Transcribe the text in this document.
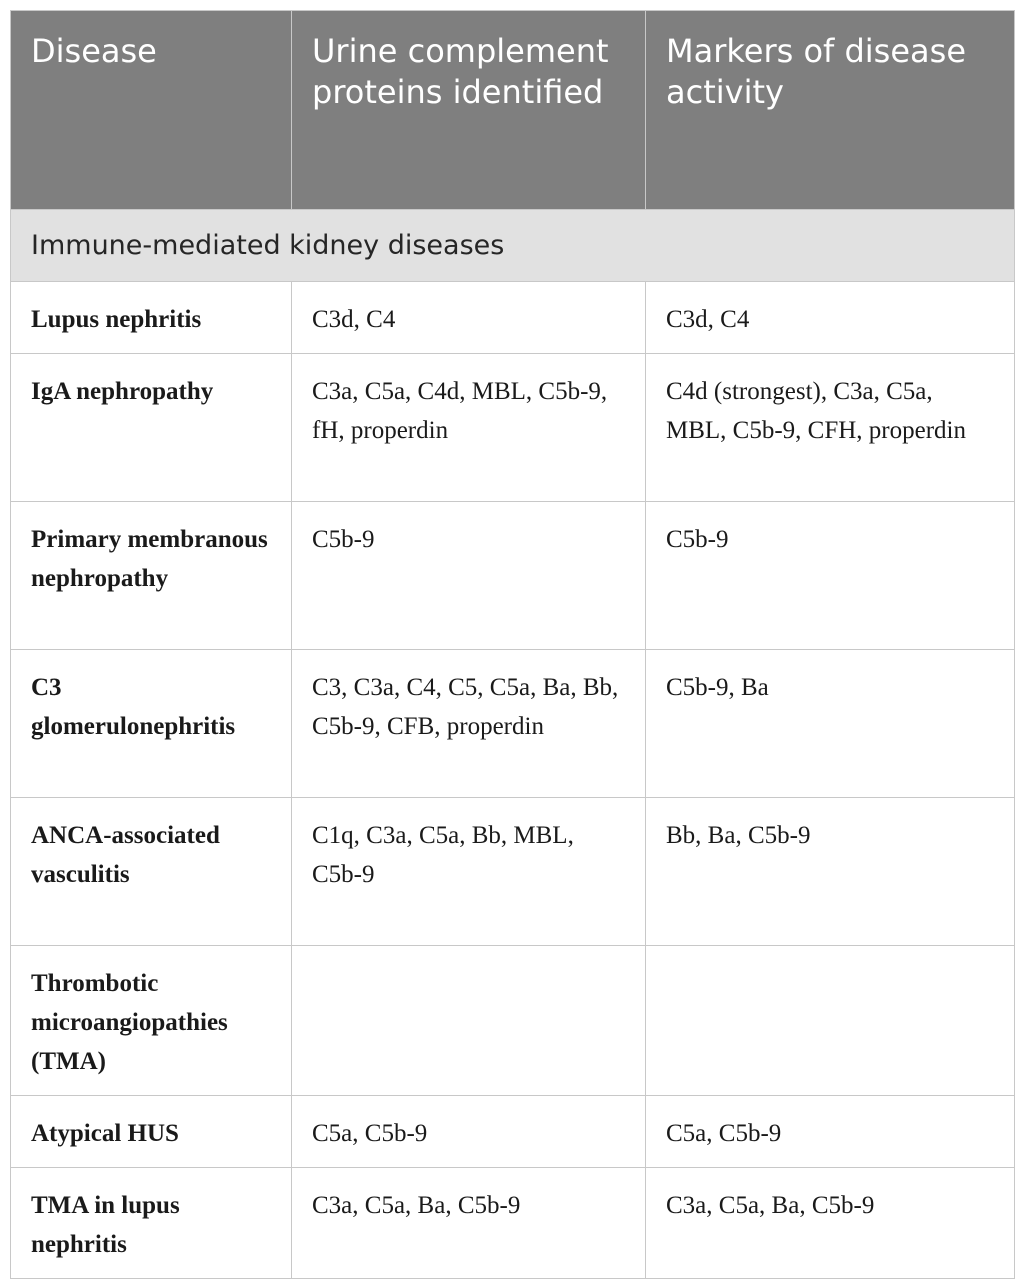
Disease	Urine complement proteins identified	Markers of disease activity
Immune-mediated kidney diseases		
Lupus nephritis	C3d, C4	C3d, C4
IgA nephropathy	C3a, C5a, C4d, MBL, C5b-9, fH, properdin	C4d (strongest), C3a, C5a, MBL, C5b-9, CFH, properdin
Primary membranous nephropathy	C5b-9	C5b-9
C3 glomerulonephritis	C3, C3a, C4, C5, C5a, Ba, Bb, C5b-9, CFB, properdin	C5b-9, Ba
ANCA-associated vasculitis	C1q, C3a, C5a, Bb, MBL, C5b-9	Bb, Ba, C5b-9
Thrombotic microangiopathies (TMA)		
Atypical HUS	C5a, C5b-9	C5a, C5b-9
TMA in lupus nephritis	C3a, C5a, Ba, C5b-9	C3a, C5a, Ba, C5b-9
